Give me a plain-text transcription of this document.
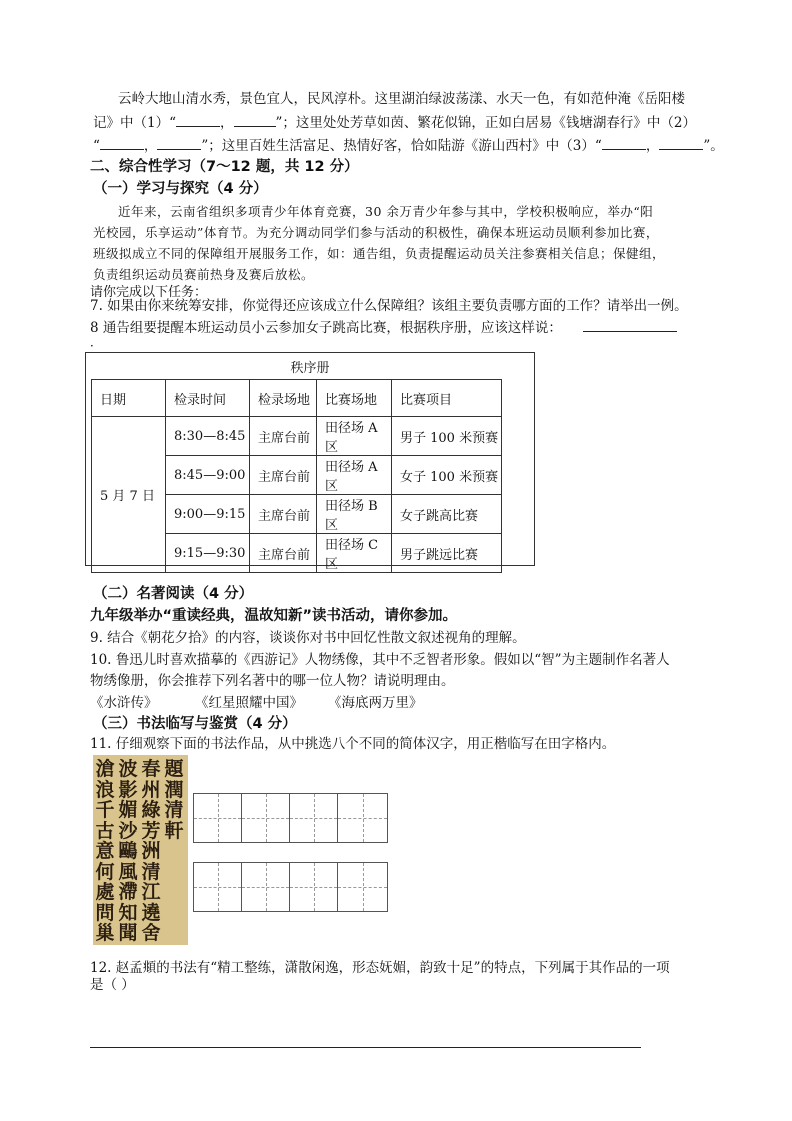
云岭大地山清水秀，景色宜人，民风淳朴。这里湖泊绿波荡漾、水天一色，有如范仲淹《岳阳楼
记》中（1）“	，	”；这里处处芳草如茵、繁花似锦，正如白居易《钱塘湖春行》中（2）
“	，	”；这里百姓生活富足、热情好客，恰如陆游《游山西村》中（3）“	，	”。
二、综合性学习（7～12 题，共 12 分）
（一）学习与探究（4 分）
近年来，云南省组织多项青少年体育竞赛，30 余万青少年参与其中，学校积极响应，举办“阳
光校园，乐享运动”体育节。为充分调动同学们参与活动的积极性，确保本班运动员顺利参加比赛，
班级拟成立不同的保障组开展服务工作，如：通告组，负责提醒运动员关注参赛相关信息；保健组，
负责组织运动员赛前热身及赛后放松。
请你完成以下任务：
7. 如果由你来统筹安排，你觉得还应该成立什么保障组？该组主要负责哪方面的工作？请举出一例。
8 通告组要提醒本班运动员小云参加女子跳高比赛，根据秩序册，应该这样说：
．
秩序册
日期	检录时间	检录场地	比赛场地	比赛项目
5 月 7 日	8:30—8:45	主席台前	田径场 A 区	男子 100 米预赛
	8:45—9:00	主席台前	田径场 A 区	女子 100 米预赛
	9:00—9:15	主席台前	田径场 B 区	女子跳高比赛
	9:15—9:30	主席台前	田径场 C 区	男子跳远比赛
（二）名著阅读（4 分）
九年级举办“重读经典，温故知新”读书活动，请你参加。
9. 结合《朝花夕拾》的内容，谈谈你对书中回忆性散文叙述视角的理解。
10. 鲁迅儿时喜欢描摹的《西游记》人物绣像，其中不乏智者形象。假如以“智”为主题制作名著人
物绣像册，你会推荐下列名著中的哪一位人物？请说明理由。
《水浒传》	《红星照耀中国》 《海底两万里》
（三）书法临写与鉴赏（4 分）
11. 仔细观察下面的书法作品，从中挑选八个不同的简体汉字，用正楷临写在田字格内。
題
潤
清
軒
春
州
綠
芳
洲
清
江
遶
舍
波
影
媚
沙
鷗
風
滯
知
聞
滄
浪
千
古
意
何
處
問
巢
12. 赵孟頫的书法有“精工整练，潇散闲逸，形态妩媚，韵致十足”的特点，下列属于其作品的一项
是（ ）
